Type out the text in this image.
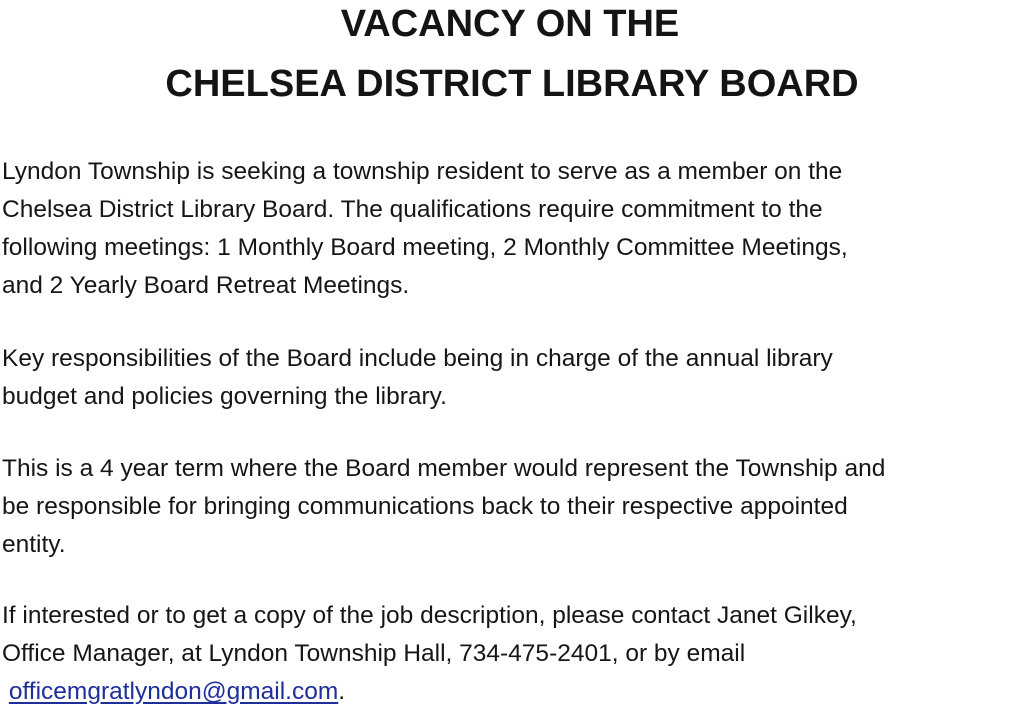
VACANCY ON THE
CHELSEA DISTRICT LIBRARY BOARD
Lyndon Township is seeking a township resident to serve as a member on the
Chelsea District Library Board. The qualifications require commitment to the
following meetings: 1 Monthly Board meeting, 2 Monthly Committee Meetings,
and 2 Yearly Board Retreat Meetings.
Key responsibilities of the Board include being in charge of the annual library
budget and policies governing the library.
This is a 4 year term where the Board member would represent the Township and
be responsible for bringing communications back to their respective appointed
entity.
If interested or to get a copy of the job description, please contact Janet Gilkey,
Office Manager, at Lyndon Township Hall, 734-475-2401, or by email
officemgratlyndon@gmail.com.
